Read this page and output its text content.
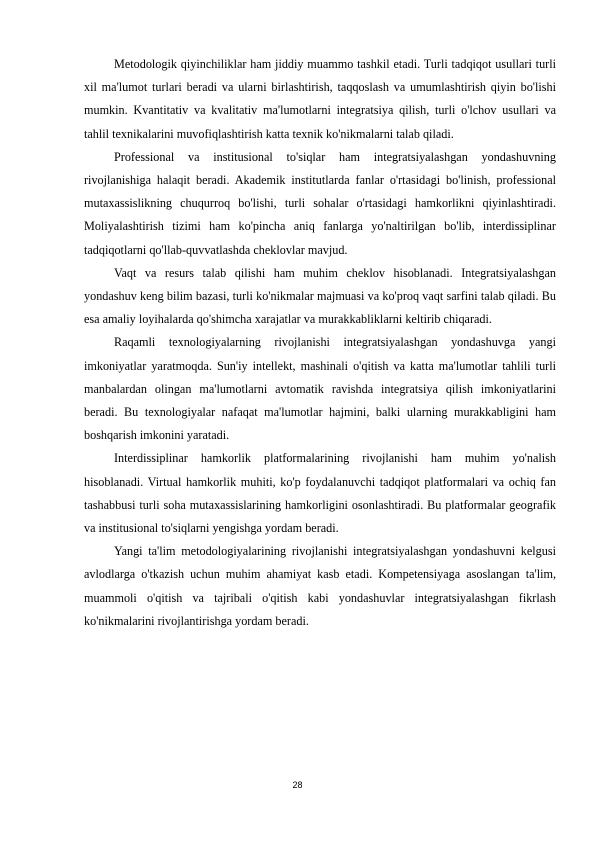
Metodologik qiyinchiliklar ham jiddiy muammo tashkil etadi. Turli tadqiqot usullari turli xil ma'lumot turlari beradi va ularni birlashtirish, taqqoslash va umumlashtirish qiyin bo'lishi mumkin. Kvantitativ va kvalitativ ma'lumotlarni integratsiya qilish, turli o'lchov usullari va tahlil texnikalarini muvofiqlashtirish katta texnik ko'nikmalarni talab qiladi.

Professional va institusional to'siqlar ham integratsiyalashgan yondashuvning rivojlanishiga halaqit beradi. Akademik institutlarda fanlar o'rtasidagi bo'linish, professional mutaxassislikning chuqurroq bo'lishi, turli sohalar o'rtasidagi hamkorlikni qiyinlashtiradi. Moliyalashtirish tizimi ham ko'pincha aniq fanlarga yo'naltirilgan bo'lib, interdissiplinar tadqiqotlarni qo'llab-quvvatlashda cheklovlar mavjud.

Vaqt va resurs talab qilishi ham muhim cheklov hisoblanadi. Integratsiyalashgan yondashuv keng bilim bazasi, turli ko'nikmalar majmuasi va ko'proq vaqt sarfini talab qiladi. Bu esa amaliy loyihalarda qo'shimcha xarajatlar va murakkabliklarni keltirib chiqaradi.

Raqamli texnologiyalarning rivojlanishi integratsiyalashgan yondashuvga yangi imkoniyatlar yaratmoqda. Sun'iy intellekt, mashinali o'qitish va katta ma'lumotlar tahlili turli manbalardan olingan ma'lumotlarni avtomatik ravishda integratsiya qilish imkoniyatlarini beradi. Bu texnologiyalar nafaqat ma'lumotlar hajmini, balki ularning murakkabligini ham boshqarish imkonini yaratadi.

Interdissiplinar hamkorlik platformalarining rivojlanishi ham muhim yo'nalish hisoblanadi. Virtual hamkorlik muhiti, ko'p foydalanuvchi tadqiqot platformalari va ochiq fan tashabbusi turli soha mutaxassislarining hamkorligini osonlashtiradi. Bu platformalar geografik va institusional to'siqlarni yengishga yordam beradi.

Yangi ta'lim metodologiyalarining rivojlanishi integratsiyalashgan yondashuvni kelgusi avlodlarga o'tkazish uchun muhim ahamiyat kasb etadi. Kompetensiyaga asoslangan ta'lim, muammoli o'qitish va tajribali o'qitish kabi yondashuvlar integratsiyalashgan fikrlash ko'nikmalarini rivojlantirishga yordam beradi.

28
